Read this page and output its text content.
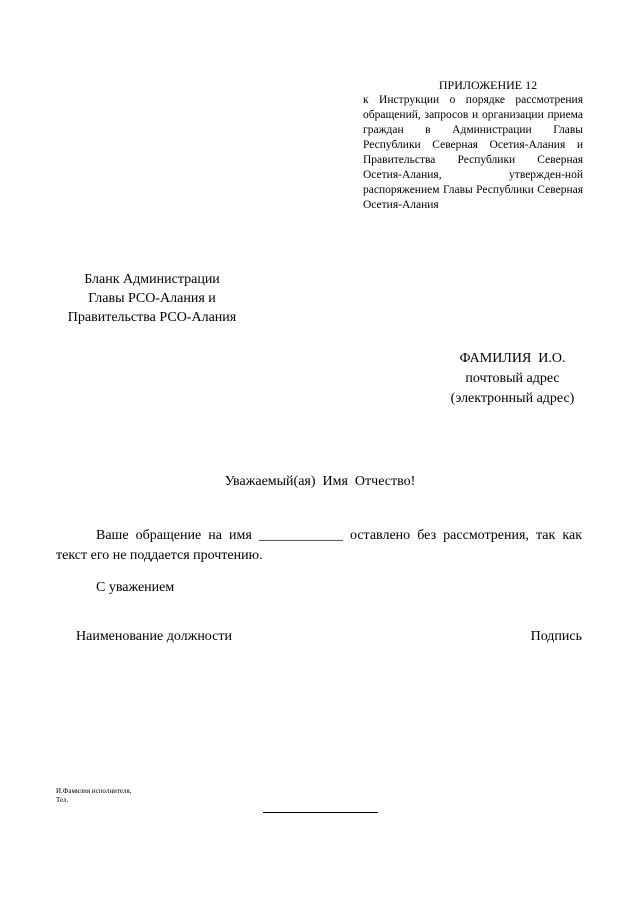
ПРИЛОЖЕНИЕ 12
к Инструкции о порядке рассмотрения обращений, запросов и организации приема граждан в Администрации Главы Республики Северная Осетия-Алания и Правительства Республики Северная Осетия-Алания, утвержден-ной распоряжением Главы Республики Северная Осетия-Алания
Бланк Администрации
Главы РСО-Алания и
Правительства РСО-Алания
ФАМИЛИЯ  И.О.
почтовый адрес
(электронный адрес)
Уважаемый(ая)  Имя  Отчество!
Ваше обращение на имя ____________ оставлено без рассмотрения, так как текст его не поддается прочтению.
С уважением
Наименование должности	Подпись
И.Фамилия исполнителя,
Тел.
